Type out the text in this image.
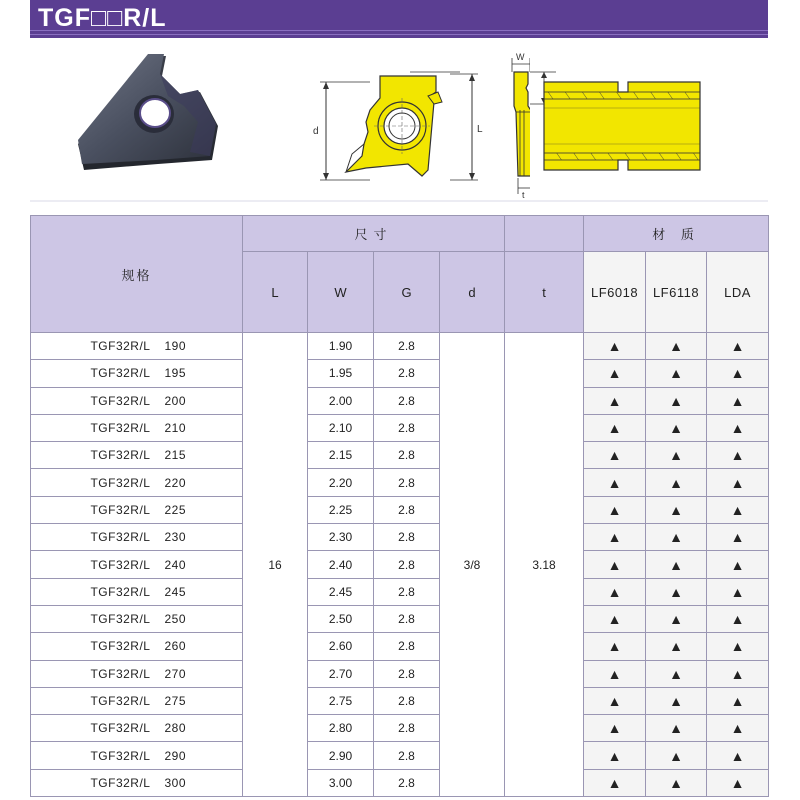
TGF□□R/L
d	L
W
t
规格	尺寸					材 质		
	L	W	G	d	t	LF6018	LF6118	LDA
TGF32R/L 190	16	1.90	2.8	3/8	3.18	▲	▲	▲
TGF32R/L 195		1.95	2.8			▲	▲	▲
TGF32R/L 200		2.00	2.8			▲	▲	▲
TGF32R/L 210		2.10	2.8			▲	▲	▲
TGF32R/L 215		2.15	2.8			▲	▲	▲
TGF32R/L 220		2.20	2.8			▲	▲	▲
TGF32R/L 225		2.25	2.8			▲	▲	▲
TGF32R/L 230		2.30	2.8			▲	▲	▲
TGF32R/L 240		2.40	2.8			▲	▲	▲
TGF32R/L 245		2.45	2.8			▲	▲	▲
TGF32R/L 250		2.50	2.8			▲	▲	▲
TGF32R/L 260		2.60	2.8			▲	▲	▲
TGF32R/L 270		2.70	2.8			▲	▲	▲
TGF32R/L 275		2.75	2.8			▲	▲	▲
TGF32R/L 280		2.80	2.8			▲	▲	▲
TGF32R/L 290		2.90	2.8			▲	▲	▲
TGF32R/L 300		3.00	2.8			▲	▲	▲
